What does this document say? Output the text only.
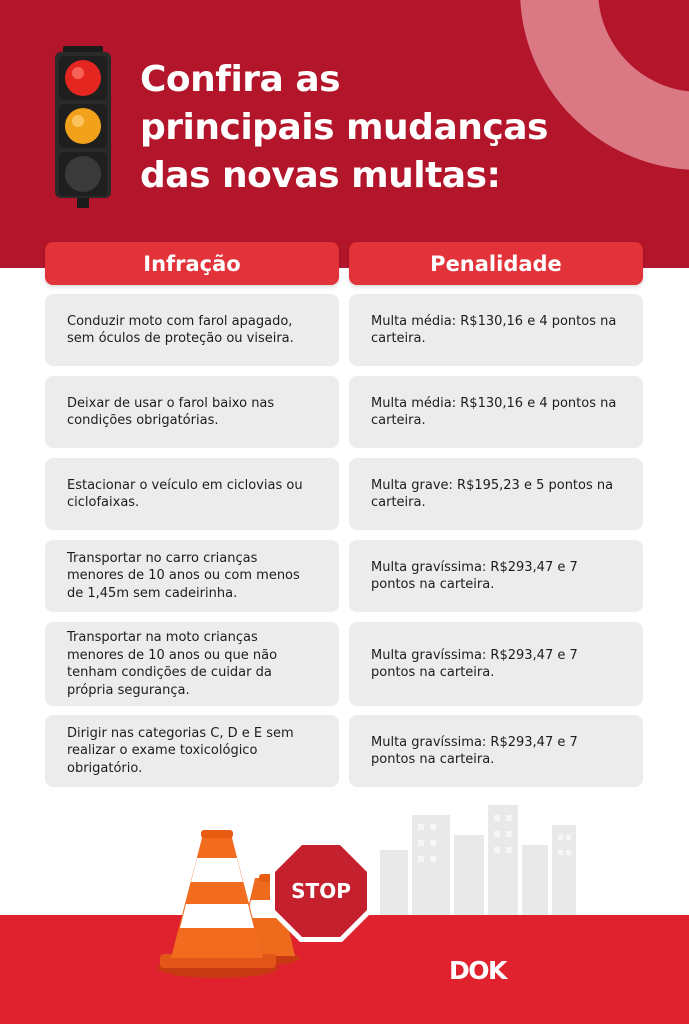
Confira as
principais mudanças
das novas multas:
Infração	Penalidade
Conduzir moto com farol apagado, sem óculos de proteção ou viseira.
Multa média: R$130,16 e 4 pontos na carteira.
Deixar de usar o farol baixo nas condições obrigatórias.
Multa média: R$130,16 e 4 pontos na carteira.
Estacionar o veículo em ciclovias ou ciclofaixas.
Multa grave: R$195,23 e 5 pontos na carteira.
Transportar no carro crianças menores de 10 anos ou com menos de 1,45m sem cadeirinha.
Multa gravíssima: R$293,47 e 7 pontos na carteira.
Transportar na moto crianças menores de 10 anos ou que não tenham condições de cuidar da própria segurança.
Multa gravíssima: R$293,47 e 7 pontos na carteira.
Dirigir nas categorias C, D e E sem realizar o exame toxicológico obrigatório.
Multa gravíssima: R$293,47 e 7 pontos na carteira.
STOP
DOK
